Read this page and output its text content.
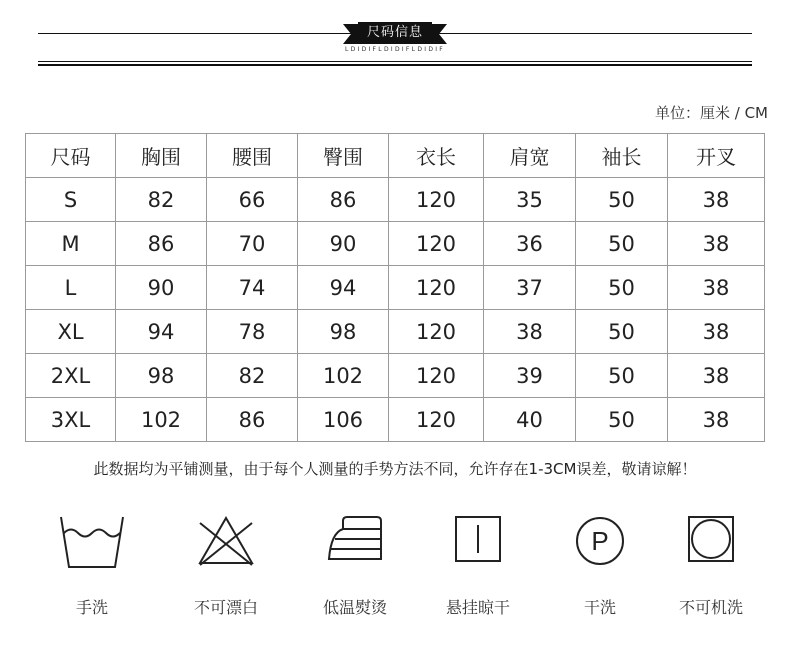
尺码信息
LDIDIFLDIDIFLDIDIF
单位：厘米 / CM
尺码	胸围	腰围	臀围	衣长	肩宽	袖长	开叉
S	82	66	86	120	35	50	38
M	86	70	90	120	36	50	38
L	90	74	94	120	37	50	38
XL	94	78	98	120	38	50	38
2XL	98	82	102	120	39	50	38
3XL	102	86	106	120	40	50	38
此数据均为平铺测量，由于每个人测量的手势方法不同，允许存在1-3CM误差，敬请谅解！
手洗	不可漂白	低温熨烫	悬挂晾干
P
干洗	不可机洗
